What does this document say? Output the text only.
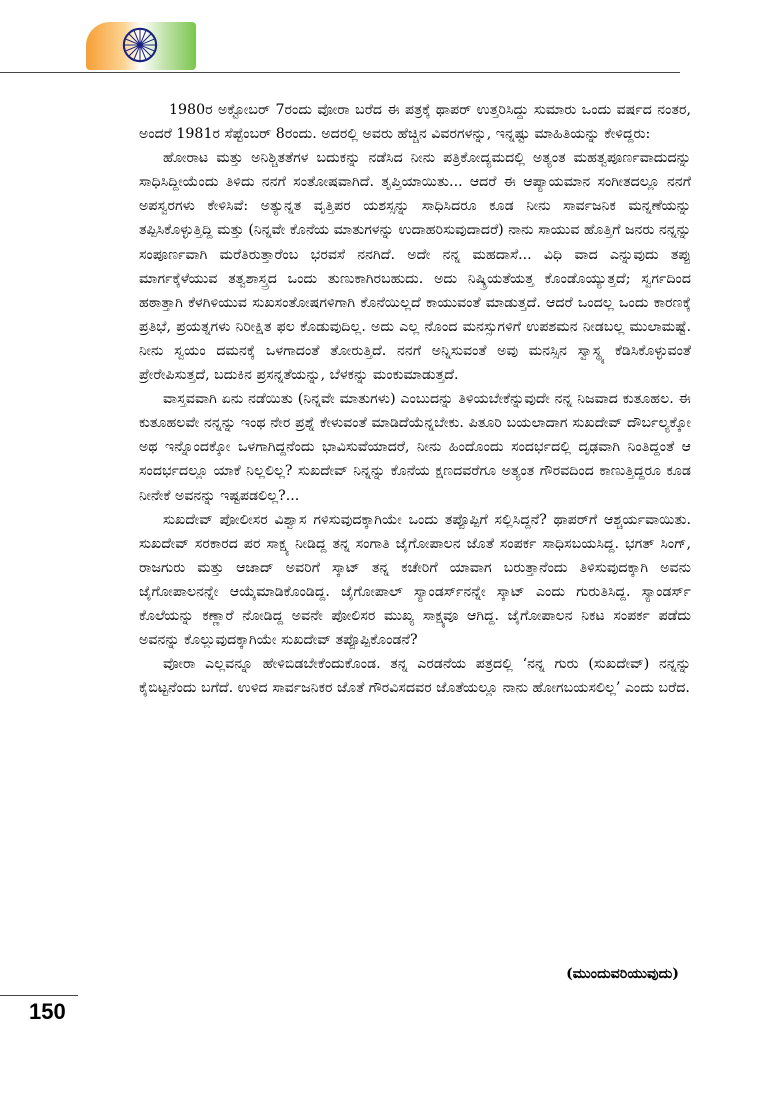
1980ರ ಅಕ್ಟೋಬರ್ 7ರಂದು ವೋರಾ ಬರೆದ ಈ ಪತ್ರಕ್ಕೆ ಥಾಪರ್ ಉತ್ತರಿಸಿದ್ದು ಸುಮಾರು ಒಂದು ವರ್ಷದ ನಂತರ, ಅಂದರೆ 1981ರ ಸೆಪ್ಟೆಂಬರ್ 8ರಂದು. ಅದರಲ್ಲಿ ಅವರು ಹೆಚ್ಚಿನ ವಿವರಗಳನ್ನು, ಇನ್ನಷ್ಟು ಮಾಹಿತಿಯನ್ನು ಕೇಳಿದ್ದರು:

ಹೋರಾಟ ಮತ್ತು ಅನಿಶ್ಚಿತತೆಗಳ ಬದುಕನ್ನು ನಡೆಸಿದ ನೀನು ಪತ್ರಿಕೋದ್ಯಮದಲ್ಲಿ ಅತ್ಯಂತ ಮಹತ್ವಪೂರ್ಣವಾದುದನ್ನು ಸಾಧಿಸಿದ್ದೀಯೆಂದು ತಿಳಿದು ನನಗೆ ಸಂತೋಷವಾಗಿದೆ. ತೃಪ್ತಿಯಾಯಿತು... ಆದರೆ ಈ ಆಪ್ಯಾಯಮಾನ ಸಂಗೀತದಲ್ಲೂ ನನಗೆ ಅಪಸ್ವರಗಳು ಕೇಳಿಸಿವೆ: ಅತ್ಯುನ್ನತ ವೃತ್ತಿಪರ ಯಶಸ್ಸನ್ನು ಸಾಧಿಸಿದರೂ ಕೂಡ ನೀನು ಸಾರ್ವಜನಿಕ ಮನ್ನಣೆಯನ್ನು ತಪ್ಪಿಸಿಕೊಳ್ಳುತ್ತಿದ್ದಿ ಮತ್ತು (ನಿನ್ನವೇ ಕೊನೆಯ ಮಾತುಗಳನ್ನು ಉದಾಹರಿಸುವುದಾದರೆ) ನಾನು ಸಾಯುವ ಹೊತ್ತಿಗೆ ಜನರು ನನ್ನನ್ನು ಸಂಪೂರ್ಣವಾಗಿ ಮರೆತಿರುತ್ತಾರೆಂಬ ಭರವಸೆ ನನಗಿದೆ. ಅದೇ ನನ್ನ ಮಹದಾಸೆ... ವಿಧಿ ವಾದ ಎನ್ನುವುದು ತಪ್ಪು ಮಾರ್ಗಕ್ಕೆಳೆಯುವ ತತ್ವಶಾಸ್ತ್ರದ ಒಂದು ತುಣುಕಾಗಿರಬಹುದು. ಅದು ನಿಷ್ಕ್ರಿಯತೆಯತ್ತ ಕೊಂಡೊಯ್ಯುತ್ತದೆ; ಸ್ವರ್ಗದಿಂದ ಹಠಾತ್ತಾಗಿ ಕೆಳಗಿಳಿಯುವ ಸುಖಸಂತೋಷಗಳಿಗಾಗಿ ಕೊನೆಯಿಲ್ಲದೆ ಕಾಯುವಂತೆ ಮಾಡುತ್ತದೆ. ಆದರೆ ಒಂದಲ್ಲ ಒಂದು ಕಾರಣಕ್ಕೆ ಪ್ರತಿಭೆ, ಪ್ರಯತ್ನಗಳು ನಿರೀಕ್ಷಿತ ಫಲ ಕೊಡುವುದಿಲ್ಲ. ಅದು ಎಲ್ಲ ನೊಂದ ಮನಸ್ಸುಗಳಿಗೆ ಉಪಶಮನ ನೀಡಬಲ್ಲ ಮುಲಾಮಷ್ಟೆ. ನೀನು ಸ್ವಯಂ ದಮನಕ್ಕೆ ಒಳಗಾದಂತೆ ತೋರುತ್ತಿದೆ. ನನಗೆ ಅನ್ನಿಸುವಂತೆ ಅವು ಮನಸ್ಸಿನ ಸ್ವಾಸ್ಥ್ಯ ಕೆಡಿಸಿಕೊಳ್ಳುವಂತೆ ಪ್ರೇರೇಪಿಸುತ್ತದೆ, ಬದುಕಿನ ಪ್ರಸನ್ನತೆಯನ್ನು, ಬೆಳಕನ್ನು ಮಂಕುಮಾಡುತ್ತದೆ.

ವಾಸ್ತವವಾಗಿ ಏನು ನಡೆಯಿತು (ನಿನ್ನವೇ ಮಾತುಗಳು) ಎಂಬುದನ್ನು ತಿಳಿಯಬೇಕೆನ್ನುವುದೇ ನನ್ನ ನಿಜವಾದ ಕುತೂಹಲ. ಈ ಕುತೂಹಲವೇ ನನ್ನನ್ನು ಇಂಥ ನೇರ ಪ್ರಶ್ನೆ ಕೇಳುವಂತೆ ಮಾಡಿದೆಯೆನ್ನಬೇಕು. ಪಿತೂರಿ ಬಯಲಾದಾಗ ಸುಖದೇವ್ ದೌರ್ಬಲ್ಯಕ್ಕೋ ಅಥ ಇನ್ನೊಂದಕ್ಕೋ ಒಳಗಾಗಿದ್ದನೆಂದು ಭಾವಿಸುವೆಯಾದರೆ, ನೀನು ಹಿಂದೊಂದು ಸಂದರ್ಭದಲ್ಲಿ ದೃಢವಾಗಿ ನಿಂತಿದ್ದಂತೆ ಆ ಸಂದರ್ಭದಲ್ಲೂ ಯಾಕೆ ನಿಲ್ಲಲಿಲ್ಲ? ಸುಖದೇವ್ ನಿನ್ನನ್ನು ಕೊನೆಯ ಕ್ಷಣದವರೆಗೂ ಅತ್ಯಂತ ಗೌರವದಿಂದ ಕಾಣುತ್ತಿದ್ದರೂ ಕೂಡ ನೀನೇಕೆ ಅವನನ್ನು ಇಷ್ಟಪಡಲಿಲ್ಲ?...

ಸುಖದೇವ್ ಪೋಲೀಸರ ವಿಶ್ವಾಸ ಗಳಿಸುವುದಕ್ಕಾಗಿಯೇ ಒಂದು ತಪ್ಪೊಪ್ಪಿಗೆ ಸಲ್ಲಿಸಿದ್ದನೆ? ಥಾಪರ್‌ಗೆ ಆಶ್ಚರ್ಯವಾಯಿತು. ಸುಖದೇವ್ ಸರಕಾರದ ಪರ ಸಾಕ್ಷ್ಯ ನೀಡಿದ್ದ ತನ್ನ ಸಂಗಾತಿ ಜೈಗೋಪಾಲನ ಜೊತೆ ಸಂಪರ್ಕ ಸಾಧಿಸಬಯಸಿದ್ದ. ಭಗತ್ ಸಿಂಗ್, ರಾಜಗುರು ಮತ್ತು ಆಜಾದ್ ಅವರಿಗೆ ಸ್ಕಾಟ್ ತನ್ನ ಕಚೇರಿಗೆ ಯಾವಾಗ ಬರುತ್ತಾನೆಂದು ತಿಳಿಸುವುದಕ್ಕಾಗಿ ಅವನು ಜೈಗೋಪಾಲನನ್ನೇ ಆಯ್ಕೆಮಾಡಿಕೊಂಡಿದ್ದ. ಜೈಗೋಪಾಲ್ ಸ್ಯಾಂಡರ್ಸ್‌ನನ್ನೇ ಸ್ಕಾಟ್ ಎಂದು ಗುರುತಿಸಿದ್ದ. ಸ್ಯಾಂಡರ್ಸ್ ಕೊಲೆಯನ್ನು ಕಣ್ಣಾರೆ ನೋಡಿದ್ದ ಅವನೇ ಪೋಲಿಸರ ಮುಖ್ಯ ಸಾಕ್ಷ್ಯವೂ ಆಗಿದ್ದ. ಜೈಗೋಪಾಲನ ನಿಕಟ ಸಂಪರ್ಕ ಪಡೆದು ಅವನನ್ನು ಕೊಲ್ಲುವುದಕ್ಕಾಗಿಯೇ ಸುಖದೇವ್ ತಪ್ಪೊಪ್ಪಿಕೊಂಡನೆ?

ವೋರಾ ಎಲ್ಲವನ್ನೂ ಹೇಳಿಬಿಡಬೇಕೆಂದುಕೊಂಡ. ತನ್ನ ಎರಡನೆಯ ಪತ್ರದಲ್ಲಿ ‘ನನ್ನ ಗುರು (ಸುಖದೇವ್) ನನ್ನನ್ನು ಕೈಬಿಟ್ಟನೆಂದು ಬಗೆದೆ. ಉಳಿದ ಸಾರ್ವಜನಿಕರ ಜೊತೆ ಗೌರವಿಸದವರ ಜೊತೆಯಲ್ಲೂ ನಾನು ಹೋಗಬಯಸಲಿಲ್ಲ’ ಎಂದು ಬರೆದ.

(ಮುಂದುವರಿಯುವುದು)
150
